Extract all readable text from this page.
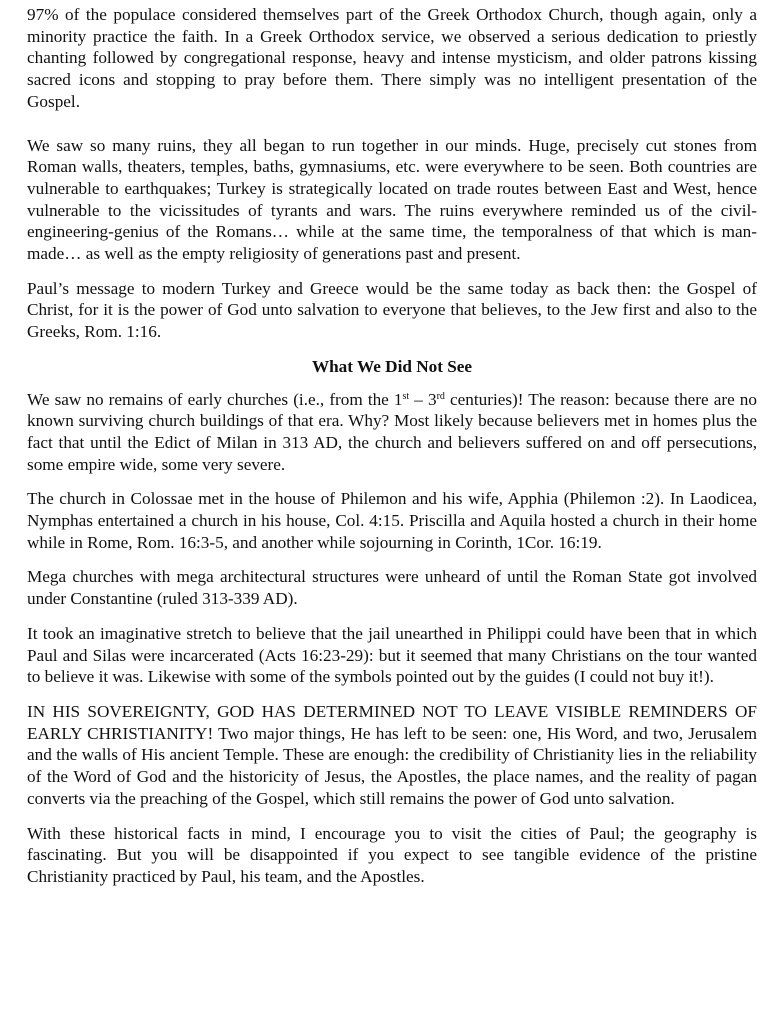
97% of the populace considered themselves part of the Greek Orthodox Church, though again, only a minority practice the faith. In a Greek Orthodox service, we observed a serious dedication to priestly chanting followed by congregational response, heavy and intense mysticism, and older patrons kissing sacred icons and stopping to pray before them. There simply was no intelligent presentation of the Gospel.

We saw so many ruins, they all began to run together in our minds. Huge, precisely cut stones from Roman walls, theaters, temples, baths, gymnasiums, etc. were everywhere to be seen. Both countries are vulnerable to earthquakes; Turkey is strategically located on trade routes between East and West, hence vulnerable to the vicissitudes of tyrants and wars. The ruins everywhere reminded us of the civil-engineering-genius of the Romans… while at the same time, the temporalness of that which is man-made… as well as the empty religiosity of generations past and present.

Paul’s message to modern Turkey and Greece would be the same today as back then: the Gospel of Christ, for it is the power of God unto salvation to everyone that believes, to the Jew first and also to the Greeks, Rom. 1:16.

What We Did Not See

We saw no remains of early churches (i.e., from the 1st – 3rd centuries)! The reason: because there are no known surviving church buildings of that era. Why? Most likely because believers met in homes plus the fact that until the Edict of Milan in 313 AD, the church and believers suffered on and off persecutions, some empire wide, some very severe.

The church in Colossae met in the house of Philemon and his wife, Apphia (Philemon :2). In Laodicea, Nymphas entertained a church in his house, Col. 4:15. Priscilla and Aquila hosted a church in their home while in Rome, Rom. 16:3-5, and another while sojourning in Corinth, 1Cor. 16:19.

Mega churches with mega architectural structures were unheard of until the Roman State got involved under Constantine (ruled 313-339 AD).

It took an imaginative stretch to believe that the jail unearthed in Philippi could have been that in which Paul and Silas were incarcerated (Acts 16:23-29): but it seemed that many Christians on the tour wanted to believe it was. Likewise with some of the symbols pointed out by the guides (I could not buy it!).

IN HIS SOVEREIGNTY, GOD HAS DETERMINED NOT TO LEAVE VISIBLE REMINDERS OF EARLY CHRISTIANITY! Two major things, He has left to be seen: one, His Word, and two, Jerusalem and the walls of His ancient Temple. These are enough: the credibility of Christianity lies in the reliability of the Word of God and the historicity of Jesus, the Apostles, the place names, and the reality of pagan converts via the preaching of the Gospel, which still remains the power of God unto salvation.

With these historical facts in mind, I encourage you to visit the cities of Paul; the geography is fascinating. But you will be disappointed if you expect to see tangible evidence of the pristine Christianity practiced by Paul, his team, and the Apostles.
